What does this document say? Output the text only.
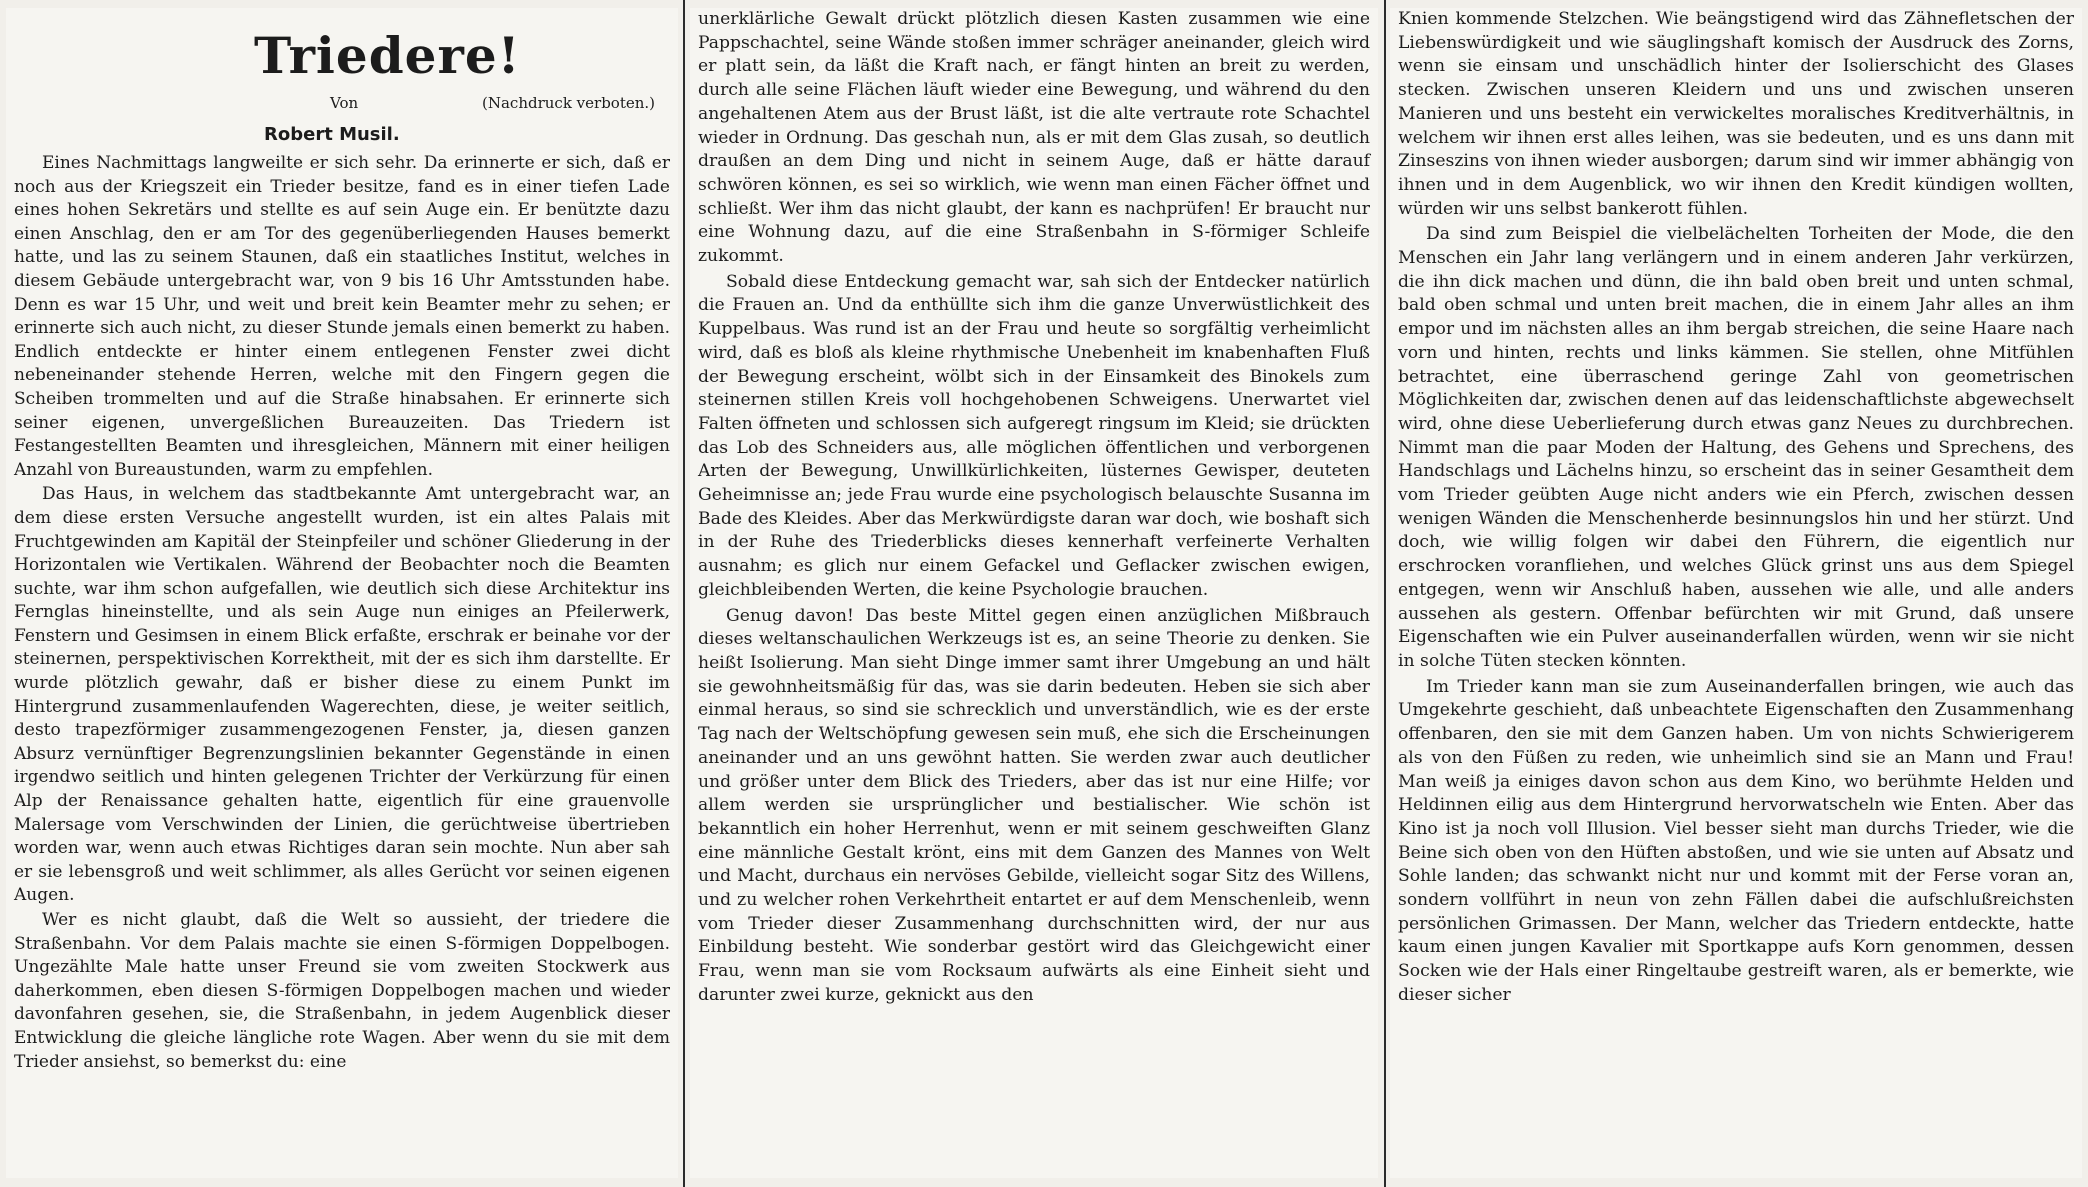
Triedere!
Von	(Nachdruck verboten.)
Robert Musil.

Eines Nachmittags langweilte er sich sehr. Da erinnerte er sich, daß er noch aus der Kriegszeit ein Trieder besitze, fand es in einer tiefen Lade eines hohen Sekretärs und stellte es auf sein Auge ein. Er benützte dazu einen Anschlag, den er am Tor des gegenüberliegenden Hauses bemerkt hatte, und las zu seinem Staunen, daß ein staatliches Institut, welches in diesem Gebäude untergebracht war, von 9 bis 16 Uhr Amtsstunden habe. Denn es war 15 Uhr, und weit und breit kein Beamter mehr zu sehen; er erinnerte sich auch nicht, zu dieser Stunde jemals einen bemerkt zu haben. Endlich entdeckte er hinter einem entlegenen Fenster zwei dicht nebeneinander stehende Herren, welche mit den Fingern gegen die Scheiben trommelten und auf die Straße hinabsahen. Er erinnerte sich seiner eigenen, unvergeßlichen Bureauzeiten. Das Triedern ist Festangestellten Beamten und ihresgleichen, Männern mit einer heiligen Anzahl von Bureaustunden, warm zu empfehlen.

Das Haus, in welchem das stadtbekannte Amt untergebracht war, an dem diese ersten Versuche angestellt wurden, ist ein altes Palais mit Fruchtgewinden am Kapitäl der Steinpfeiler und schöner Gliederung in der Horizontalen wie Vertikalen. Während der Beobachter noch die Beamten suchte, war ihm schon aufgefallen, wie deutlich sich diese Architektur ins Fernglas hineinstellte, und als sein Auge nun einiges an Pfeilerwerk, Fenstern und Gesimsen in einem Blick erfaßte, erschrak er beinahe vor der steinernen, perspektivischen Korrektheit, mit der es sich ihm darstellte. Er wurde plötzlich gewahr, daß er bisher diese zu einem Punkt im Hintergrund zusammenlaufenden Wagerechten, diese, je weiter seitlich, desto trapezförmiger zusammengezogenen Fenster, ja, diesen ganzen Absurz vernünftiger Begrenzungslinien bekannter Gegenstände in einen irgendwo seitlich und hinten gelegenen Trichter der Verkürzung für einen Alp der Renaissance gehalten hatte, eigentlich für eine grauenvolle Malersage vom Verschwinden der Linien, die gerüchtweise übertrieben worden war, wenn auch etwas Richtiges daran sein mochte. Nun aber sah er sie lebensgroß und weit schlimmer, als alles Gerücht vor seinen eigenen Augen.

Wer es nicht glaubt, daß die Welt so aussieht, der triedere die Straßenbahn. Vor dem Palais machte sie einen S-förmigen Doppelbogen. Ungezählte Male hatte unser Freund sie vom zweiten Stockwerk aus daherkommen, eben diesen S-förmigen Doppelbogen machen und wieder davonfahren gesehen, sie, die Straßenbahn, in jedem Augenblick dieser Entwicklung die gleiche längliche rote Wagen. Aber wenn du sie mit dem Trieder ansiehst, so bemerkst du: eine

unerklärliche Gewalt drückt plötzlich diesen Kasten zusammen wie eine Pappschachtel, seine Wände stoßen immer schräger aneinander, gleich wird er platt sein, da läßt die Kraft nach, er fängt hinten an breit zu werden, durch alle seine Flächen läuft wieder eine Bewegung, und während du den angehaltenen Atem aus der Brust läßt, ist die alte vertraute rote Schachtel wieder in Ordnung. Das geschah nun, als er mit dem Glas zusah, so deutlich draußen an dem Ding und nicht in seinem Auge, daß er hätte darauf schwören können, es sei so wirklich, wie wenn man einen Fächer öffnet und schließt. Wer ihm das nicht glaubt, der kann es nachprüfen! Er braucht nur eine Wohnung dazu, auf die eine Straßenbahn in S-förmiger Schleife zukommt.

Sobald diese Entdeckung gemacht war, sah sich der Entdecker natürlich die Frauen an. Und da enthüllte sich ihm die ganze Unverwüstlichkeit des Kuppelbaus. Was rund ist an der Frau und heute so sorgfältig verheimlicht wird, daß es bloß als kleine rhythmische Unebenheit im knabenhaften Fluß der Bewegung erscheint, wölbt sich in der Einsamkeit des Binokels zum steinernen stillen Kreis voll hochgehobenen Schweigens. Unerwartet viel Falten öffneten und schlossen sich aufgeregt ringsum im Kleid; sie drückten das Lob des Schneiders aus, alle möglichen öffentlichen und verborgenen Arten der Bewegung, Unwillkürlichkeiten, lüsternes Gewisper, deuteten Geheimnisse an; jede Frau wurde eine psychologisch belauschte Susanna im Bade des Kleides. Aber das Merkwürdigste daran war doch, wie boshaft sich in der Ruhe des Triederblicks dieses kennerhaft verfeinerte Verhalten ausnahm; es glich nur einem Gefackel und Geflacker zwischen ewigen, gleichbleibenden Werten, die keine Psychologie brauchen.

Genug davon! Das beste Mittel gegen einen anzüglichen Mißbrauch dieses weltanschaulichen Werkzeugs ist es, an seine Theorie zu denken. Sie heißt Isolierung. Man sieht Dinge immer samt ihrer Umgebung an und hält sie gewohnheitsmäßig für das, was sie darin bedeuten. Heben sie sich aber einmal heraus, so sind sie schrecklich und unverständlich, wie es der erste Tag nach der Weltschöpfung gewesen sein muß, ehe sich die Erscheinungen aneinander und an uns gewöhnt hatten. Sie werden zwar auch deutlicher und größer unter dem Blick des Trieders, aber das ist nur eine Hilfe; vor allem werden sie ursprünglicher und bestialischer. Wie schön ist bekanntlich ein hoher Herrenhut, wenn er mit seinem geschweiften Glanz eine männliche Gestalt krönt, eins mit dem Ganzen des Mannes von Welt und Macht, durchaus ein nervöses Gebilde, vielleicht sogar Sitz des Willens, und zu welcher rohen Verkehrtheit entartet er auf dem Menschenleib, wenn vom Trieder dieser Zusammenhang durchschnitten wird, der nur aus Einbildung besteht. Wie sonderbar gestört wird das Gleichgewicht einer Frau, wenn man sie vom Rocksaum aufwärts als eine Einheit sieht und darunter zwei kurze, geknickt aus den

Knien kommende Stelzchen. Wie beängstigend wird das Zähnefletschen der Liebenswürdigkeit und wie säuglingshaft komisch der Ausdruck des Zorns, wenn sie einsam und unschädlich hinter der Isolierschicht des Glases stecken. Zwischen unseren Kleidern und uns und zwischen unseren Manieren und uns besteht ein verwickeltes moralisches Kreditverhältnis, in welchem wir ihnen erst alles leihen, was sie bedeuten, und es uns dann mit Zinseszins von ihnen wieder ausborgen; darum sind wir immer abhängig von ihnen und in dem Augenblick, wo wir ihnen den Kredit kündigen wollten, würden wir uns selbst bankerott fühlen.

Da sind zum Beispiel die vielbelächelten Torheiten der Mode, die den Menschen ein Jahr lang verlängern und in einem anderen Jahr verkürzen, die ihn dick machen und dünn, die ihn bald oben breit und unten schmal, bald oben schmal und unten breit machen, die in einem Jahr alles an ihm empor und im nächsten alles an ihm bergab streichen, die seine Haare nach vorn und hinten, rechts und links kämmen. Sie stellen, ohne Mitfühlen betrachtet, eine überraschend geringe Zahl von geometrischen Möglichkeiten dar, zwischen denen auf das leidenschaftlichste abgewechselt wird, ohne diese Ueberlieferung durch etwas ganz Neues zu durchbrechen. Nimmt man die paar Moden der Haltung, des Gehens und Sprechens, des Handschlags und Lächelns hinzu, so erscheint das in seiner Gesamtheit dem vom Trieder geübten Auge nicht anders wie ein Pferch, zwischen dessen wenigen Wänden die Menschenherde besinnungslos hin und her stürzt. Und doch, wie willig folgen wir dabei den Führern, die eigentlich nur erschrocken voranfliehen, und welches Glück grinst uns aus dem Spiegel entgegen, wenn wir Anschluß haben, aussehen wie alle, und alle anders aussehen als gestern. Offenbar befürchten wir mit Grund, daß unsere Eigenschaften wie ein Pulver auseinanderfallen würden, wenn wir sie nicht in solche Tüten stecken könnten.

Im Trieder kann man sie zum Auseinanderfallen bringen, wie auch das Umgekehrte geschieht, daß unbeachtete Eigenschaften den Zusammenhang offenbaren, den sie mit dem Ganzen haben. Um von nichts Schwierigerem als von den Füßen zu reden, wie unheimlich sind sie an Mann und Frau! Man weiß ja einiges davon schon aus dem Kino, wo berühmte Helden und Heldinnen eilig aus dem Hintergrund hervorwatscheln wie Enten. Aber das Kino ist ja noch voll Illusion. Viel besser sieht man durchs Trieder, wie die Beine sich oben von den Hüften abstoßen, und wie sie unten auf Absatz und Sohle landen; das schwankt nicht nur und kommt mit der Ferse voran an, sondern vollführt in neun von zehn Fällen dabei die aufschlußreichsten persönlichen Grimassen. Der Mann, welcher das Triedern entdeckte, hatte kaum einen jungen Kavalier mit Sportkappe aufs Korn genommen, dessen Socken wie der Hals einer Ringeltaube gestreift waren, als er bemerkte, wie dieser sicher
